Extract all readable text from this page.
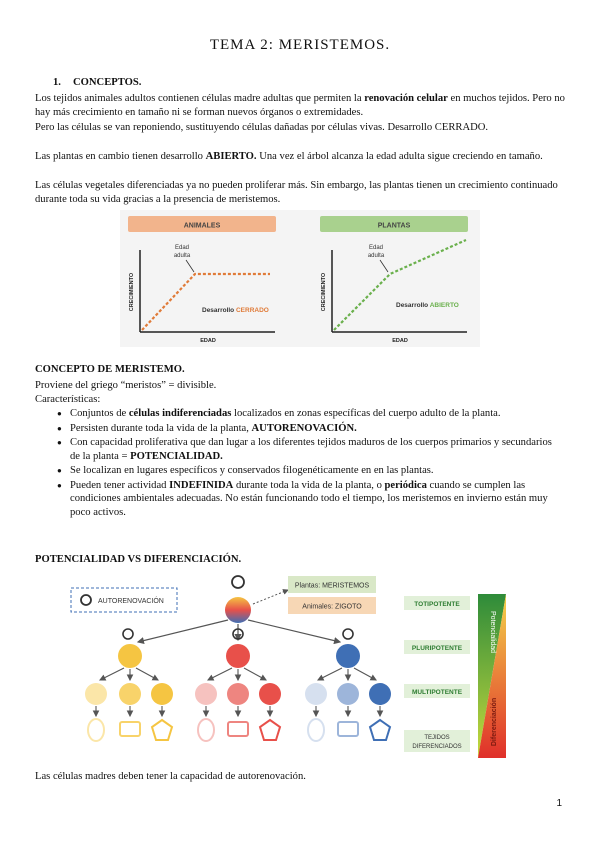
TEMA 2: MERISTEMOS.
1. CONCEPTOS.
Los tejidos animales adultos contienen células madre adultas que permiten la renovación celular en muchos tejidos. Pero no hay más crecimiento en tamaño ni se forman nuevos órganos o extremidades.
Pero las células se van reponiendo, sustituyendo células dañadas por células vivas. Desarrollo CERRADO.
Las plantas en cambio tienen desarrollo ABIERTO. Una vez el árbol alcanza la edad adulta sigue creciendo en tamaño.
Las células vegetales diferenciadas ya no pueden proliferar más. Sin embargo, las plantas tienen un crecimiento continuado durante toda su vida gracias a la presencia de meristemos.
ANIMALES
CRECIMIENTO
EDAD
Edad
adulta
Desarrollo CERRADO
PLANTAS
CRECIMIENTO
EDAD
Edad
adulta
Desarrollo ABIERTO
CONCEPTO DE MERISTEMO.
Proviene del griego “meristos” = divisible.
Características:
● Conjuntos de células indiferenciadas localizados en zonas específicas del cuerpo adulto de la planta.
● Persisten durante toda la vida de la planta, AUTORENOVACIÓN.
● Con capacidad proliferativa que dan lugar a los diferentes tejidos maduros de los cuerpos primarios y secundarios de la planta = POTENCIALIDAD.
● Se localizan en lugares específicos y conservados filogenéticamente en en las plantas.
● Pueden tener actividad INDEFINIDA durante toda la vida de la planta, o periódica cuando se cumplen las condiciones ambientales adecuadas. No están funcionando todo el tiempo, los meristemos en invierno están muy poco activos.
POTENCIALIDAD VS DIFERENCIACIÓN.
AUTORENOVACIÓN
Plantas: MERISTEMOS
Animales: ZIGOTO	TOTIPOTENTE
PLURIPOTENTE
MULTIPOTENTE
TEJIDOS
DIFERENCIADOS
Potencialidad
Diferenciación
Las células madres deben tener la capacidad de autorenovación.
1
